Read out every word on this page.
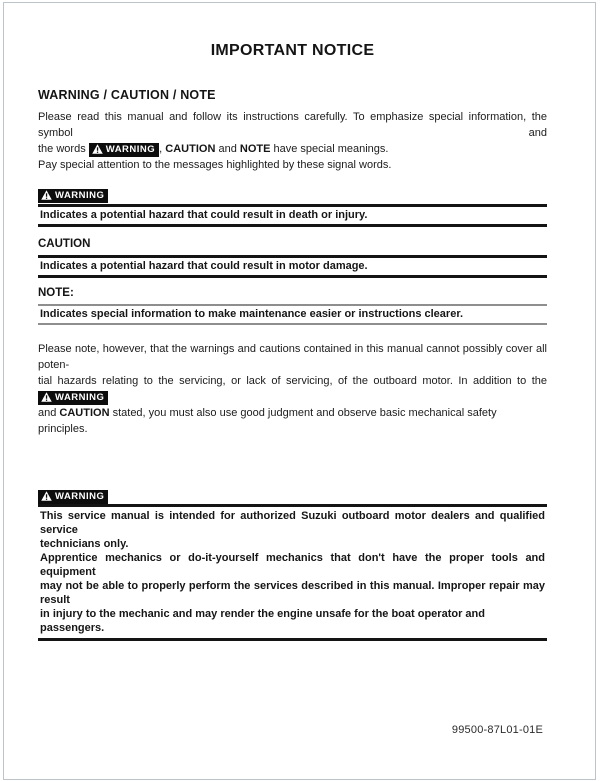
IMPORTANT NOTICE
WARNING / CAUTION / NOTE
Please read this manual and follow its instructions carefully. To emphasize special information, the symbol and
the words WARNING , CAUTION and NOTE have special meanings.
Pay special attention to the messages highlighted by these signal words.
WARNING
Indicates a potential hazard that could result in death or injury.
CAUTION
Indicates a potential hazard that could result in motor damage.
NOTE:
Indicates special information to make maintenance easier or instructions clearer.
Please note, however, that the warnings and cautions contained in this manual cannot possibly cover all poten-
tial hazards relating to the servicing, or lack of servicing, of the outboard motor. In addition to the
WARNING
and CAUTION stated, you must also use good judgment and observe basic mechanical safety principles.
WARNING
This service manual is intended for authorized Suzuki outboard motor dealers and qualified service
technicians only.
Apprentice mechanics or do-it-yourself mechanics that don't have the proper tools and equipment
may not be able to properly perform the services described in this manual. Improper repair may result
in injury to the mechanic and may render the engine unsafe for the boat operator and passengers.
99500-87L01-01E
